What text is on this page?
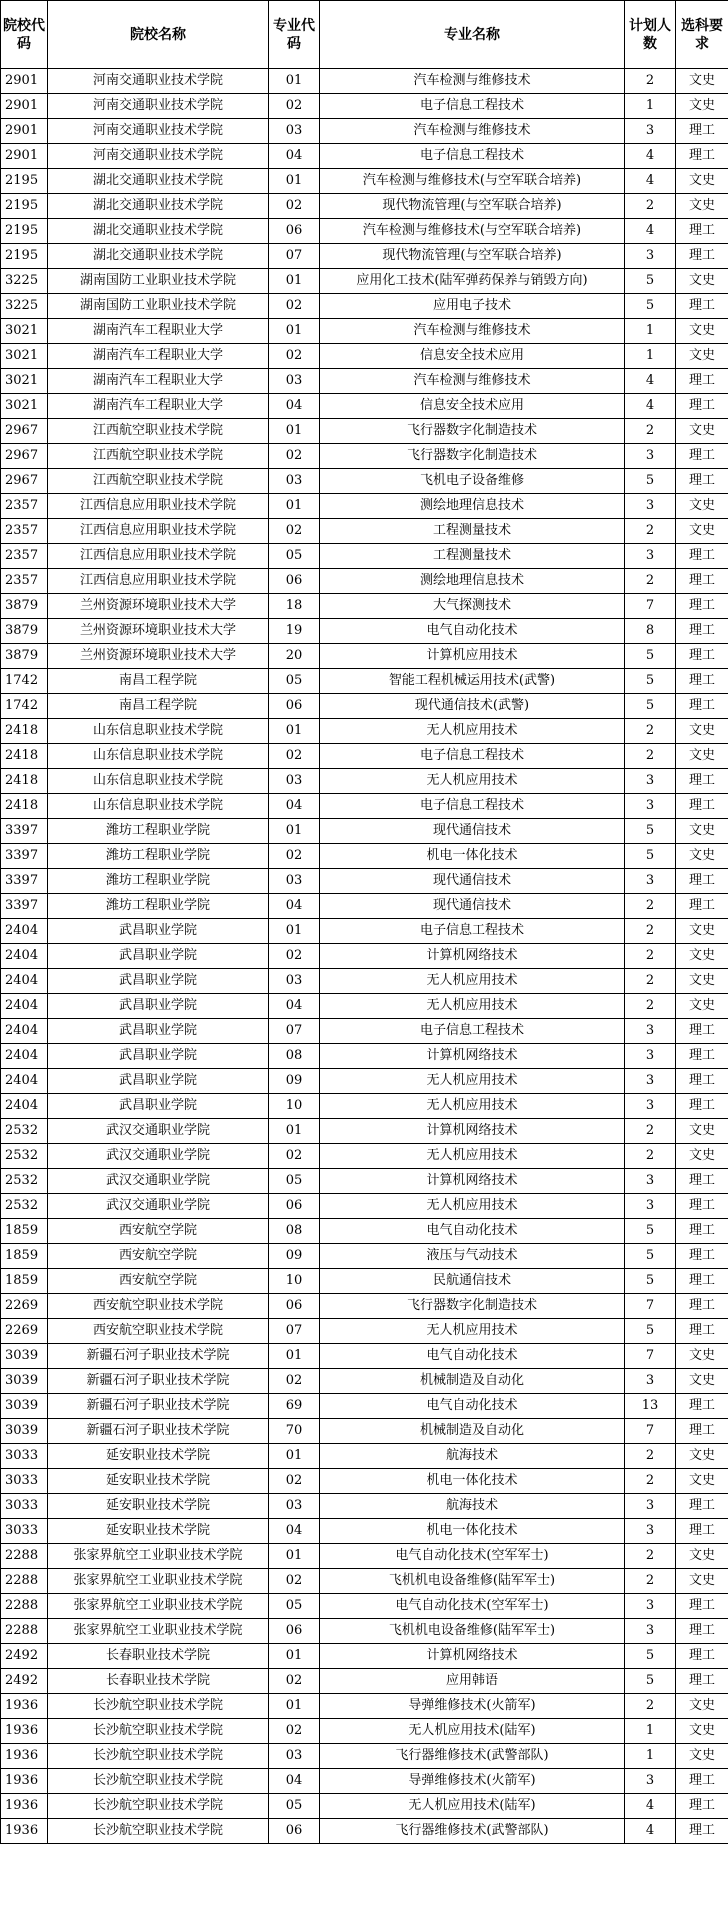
院校代码	院校名称	专业代码	专业名称	计划人数	选科要求
2901	河南交通职业技术学院	01	汽车检测与维修技术	2	文史
2901	河南交通职业技术学院	02	电子信息工程技术	1	文史
2901	河南交通职业技术学院	03	汽车检测与维修技术	3	理工
2901	河南交通职业技术学院	04	电子信息工程技术	4	理工
2195	湖北交通职业技术学院	01	汽车检测与维修技术(与空军联合培养)	4	文史
2195	湖北交通职业技术学院	02	现代物流管理(与空军联合培养)	2	文史
2195	湖北交通职业技术学院	06	汽车检测与维修技术(与空军联合培养)	4	理工
2195	湖北交通职业技术学院	07	现代物流管理(与空军联合培养)	3	理工
3225	湖南国防工业职业技术学院	01	应用化工技术(陆军弹药保养与销毁方向)	5	文史
3225	湖南国防工业职业技术学院	02	应用电子技术	5	理工
3021	湖南汽车工程职业大学	01	汽车检测与维修技术	1	文史
3021	湖南汽车工程职业大学	02	信息安全技术应用	1	文史
3021	湖南汽车工程职业大学	03	汽车检测与维修技术	4	理工
3021	湖南汽车工程职业大学	04	信息安全技术应用	4	理工
2967	江西航空职业技术学院	01	飞行器数字化制造技术	2	文史
2967	江西航空职业技术学院	02	飞行器数字化制造技术	3	理工
2967	江西航空职业技术学院	03	飞机电子设备维修	5	理工
2357	江西信息应用职业技术学院	01	测绘地理信息技术	3	文史
2357	江西信息应用职业技术学院	02	工程测量技术	2	文史
2357	江西信息应用职业技术学院	05	工程测量技术	3	理工
2357	江西信息应用职业技术学院	06	测绘地理信息技术	2	理工
3879	兰州资源环境职业技术大学	18	大气探测技术	7	理工
3879	兰州资源环境职业技术大学	19	电气自动化技术	8	理工
3879	兰州资源环境职业技术大学	20	计算机应用技术	5	理工
1742	南昌工程学院	05	智能工程机械运用技术(武警)	5	理工
1742	南昌工程学院	06	现代通信技术(武警)	5	理工
2418	山东信息职业技术学院	01	无人机应用技术	2	文史
2418	山东信息职业技术学院	02	电子信息工程技术	2	文史
2418	山东信息职业技术学院	03	无人机应用技术	3	理工
2418	山东信息职业技术学院	04	电子信息工程技术	3	理工
3397	潍坊工程职业学院	01	现代通信技术	5	文史
3397	潍坊工程职业学院	02	机电一体化技术	5	文史
3397	潍坊工程职业学院	03	现代通信技术	3	理工
3397	潍坊工程职业学院	04	现代通信技术	2	理工
2404	武昌职业学院	01	电子信息工程技术	2	文史
2404	武昌职业学院	02	计算机网络技术	2	文史
2404	武昌职业学院	03	无人机应用技术	2	文史
2404	武昌职业学院	04	无人机应用技术	2	文史
2404	武昌职业学院	07	电子信息工程技术	3	理工
2404	武昌职业学院	08	计算机网络技术	3	理工
2404	武昌职业学院	09	无人机应用技术	3	理工
2404	武昌职业学院	10	无人机应用技术	3	理工
2532	武汉交通职业学院	01	计算机网络技术	2	文史
2532	武汉交通职业学院	02	无人机应用技术	2	文史
2532	武汉交通职业学院	05	计算机网络技术	3	理工
2532	武汉交通职业学院	06	无人机应用技术	3	理工
1859	西安航空学院	08	电气自动化技术	5	理工
1859	西安航空学院	09	液压与气动技术	5	理工
1859	西安航空学院	10	民航通信技术	5	理工
2269	西安航空职业技术学院	06	飞行器数字化制造技术	7	理工
2269	西安航空职业技术学院	07	无人机应用技术	5	理工
3039	新疆石河子职业技术学院	01	电气自动化技术	7	文史
3039	新疆石河子职业技术学院	02	机械制造及自动化	3	文史
3039	新疆石河子职业技术学院	69	电气自动化技术	13	理工
3039	新疆石河子职业技术学院	70	机械制造及自动化	7	理工
3033	延安职业技术学院	01	航海技术	2	文史
3033	延安职业技术学院	02	机电一体化技术	2	文史
3033	延安职业技术学院	03	航海技术	3	理工
3033	延安职业技术学院	04	机电一体化技术	3	理工
2288	张家界航空工业职业技术学院	01	电气自动化技术(空军军士)	2	文史
2288	张家界航空工业职业技术学院	02	飞机机电设备维修(陆军军士)	2	文史
2288	张家界航空工业职业技术学院	05	电气自动化技术(空军军士)	3	理工
2288	张家界航空工业职业技术学院	06	飞机机电设备维修(陆军军士)	3	理工
2492	长春职业技术学院	01	计算机网络技术	5	理工
2492	长春职业技术学院	02	应用韩语	5	理工
1936	长沙航空职业技术学院	01	导弹维修技术(火箭军)	2	文史
1936	长沙航空职业技术学院	02	无人机应用技术(陆军)	1	文史
1936	长沙航空职业技术学院	03	飞行器维修技术(武警部队)	1	文史
1936	长沙航空职业技术学院	04	导弹维修技术(火箭军)	3	理工
1936	长沙航空职业技术学院	05	无人机应用技术(陆军)	4	理工
1936	长沙航空职业技术学院	06	飞行器维修技术(武警部队)	4	理工
